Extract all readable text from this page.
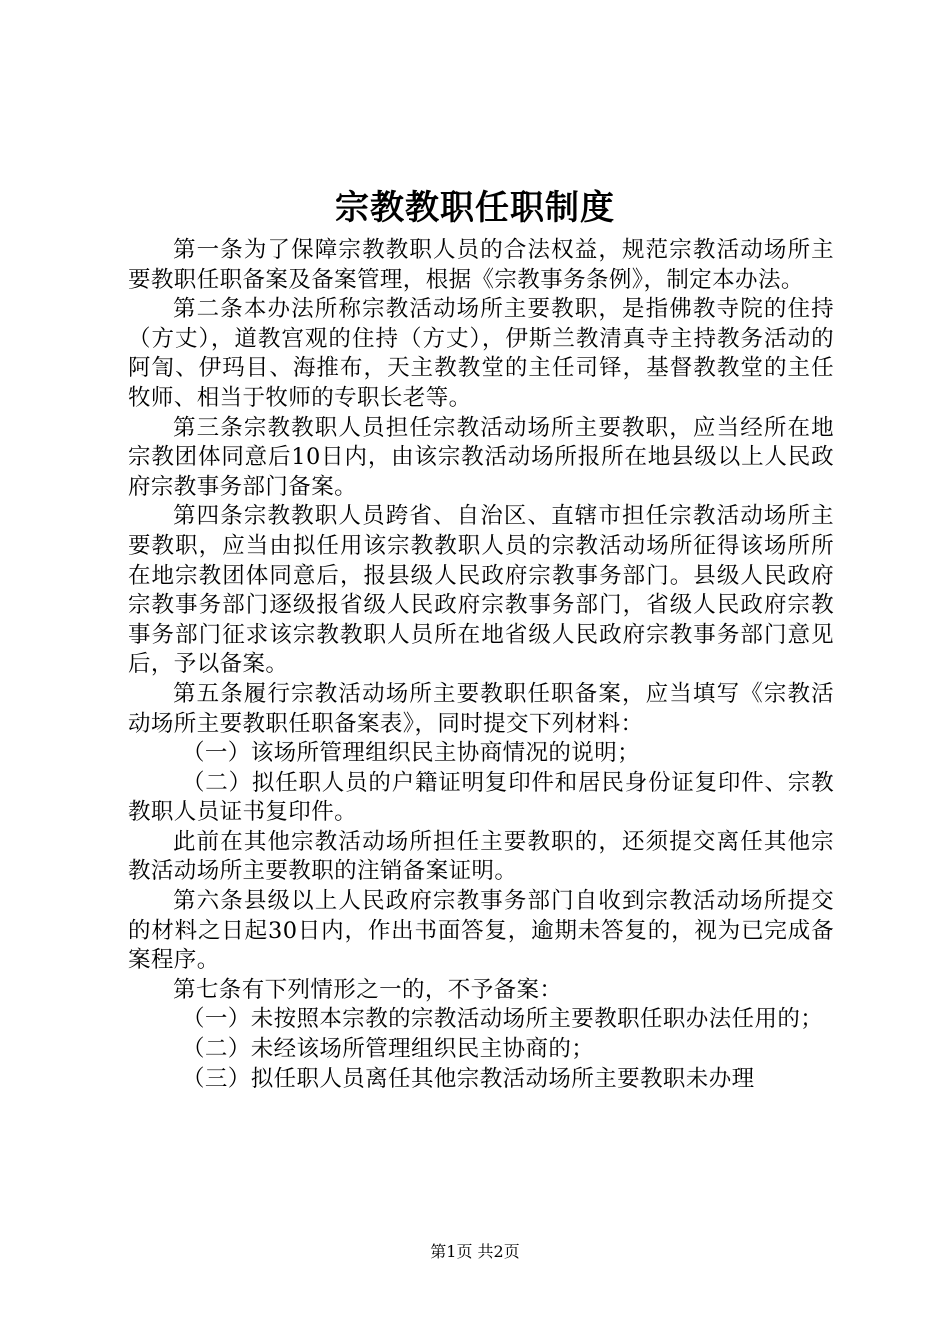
宗教教职任职制度

第一条为了保障宗教教职人员的合法权益，规范宗教活动场所主要教职任职备案及备案管理，根据《宗教事务条例》，制定本办法。

第二条本办法所称宗教活动场所主要教职，是指佛教寺院的住持（方丈），道教宫观的住持（方丈），伊斯兰教清真寺主持教务活动的阿訇、伊玛目、海推布，天主教教堂的主任司铎，基督教教堂的主任牧师、相当于牧师的专职长老等。

第三条宗教教职人员担任宗教活动场所主要教职，应当经所在地宗教团体同意后10日内，由该宗教活动场所报所在地县级以上人民政府宗教事务部门备案。

第四条宗教教职人员跨省、自治区、直辖市担任宗教活动场所主要教职，应当由拟任用该宗教教职人员的宗教活动场所征得该场所所在地宗教团体同意后，报县级人民政府宗教事务部门。县级人民政府宗教事务部门逐级报省级人民政府宗教事务部门，省级人民政府宗教事务部门征求该宗教教职人员所在地省级人民政府宗教事务部门意见后，予以备案。

第五条履行宗教活动场所主要教职任职备案，应当填写《宗教活动场所主要教职任职备案表》，同时提交下列材料：

（一）该场所管理组织民主协商情况的说明；

（二）拟任职人员的户籍证明复印件和居民身份证复印件、宗教教职人员证书复印件。

此前在其他宗教活动场所担任主要教职的，还须提交离任其他宗教活动场所主要教职的注销备案证明。

第六条县级以上人民政府宗教事务部门自收到宗教活动场所提交的材料之日起30日内，作出书面答复，逾期未答复的，视为已完成备案程序。

第七条有下列情形之一的，不予备案：

（一）未按照本宗教的宗教活动场所主要教职任职办法任用的；

（二）未经该场所管理组织民主协商的；

（三）拟任职人员离任其他宗教活动场所主要教职未办理

第1页 共2页
